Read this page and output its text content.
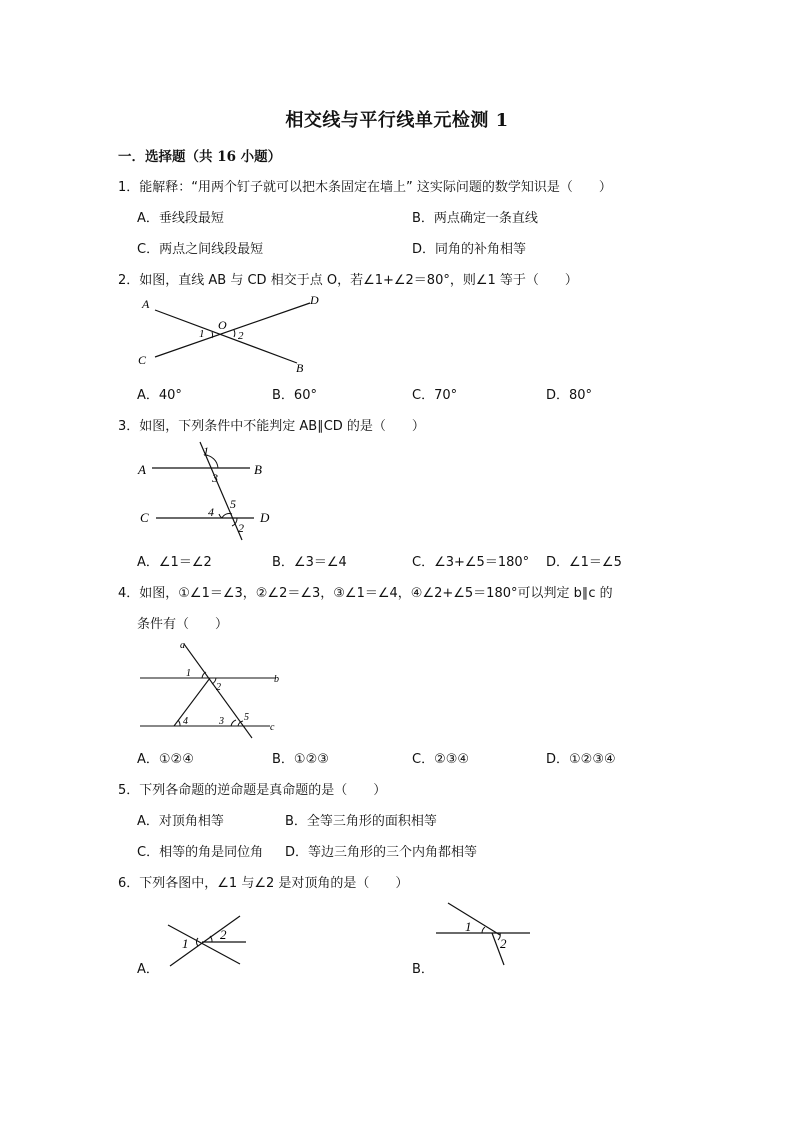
相交线与平行线单元检测 1
一．选择题（共 16 小题）
1．能解释：“用两个钉子就可以把木条固定在墙上” 这实际问题的数学知识是（　　）
A．垂线段最短	B．两点确定一条直线
C．两点之间线段最短	D．同角的补角相等
2．如图，直线 AB 与 CD 相交于点 O，若∠1+∠2＝80°，则∠1 等于（　　）
A	D
C
B
O
1	2
A．40°	B．60°	C．70°	D．80°
3．如图，下列条件中不能判定 AB∥CD 的是（　　）
A	B
C	D
1
3
4
5
2
A．∠1＝∠2	B．∠3＝∠4	C．∠3+∠5＝180° D．∠1＝∠5
4．如图，①∠1＝∠3，②∠2＝∠3，③∠1＝∠4，④∠2+∠5＝180°可以判定 b∥c 的
条件有（　　）
a
b
c
1
2
4	3 5
A．①②④	B．①②③	C．②③④	D．①②③④
5．下列各命题的逆命题是真命题的是（　　）
A．对顶角相等	B．全等三角形的面积相等
C．相等的角是同位角 D．等边三角形的三个内角都相等
6．下列各图中，∠1 与∠2 是对顶角的是（　　）
1
2
A．
1
2
B．
